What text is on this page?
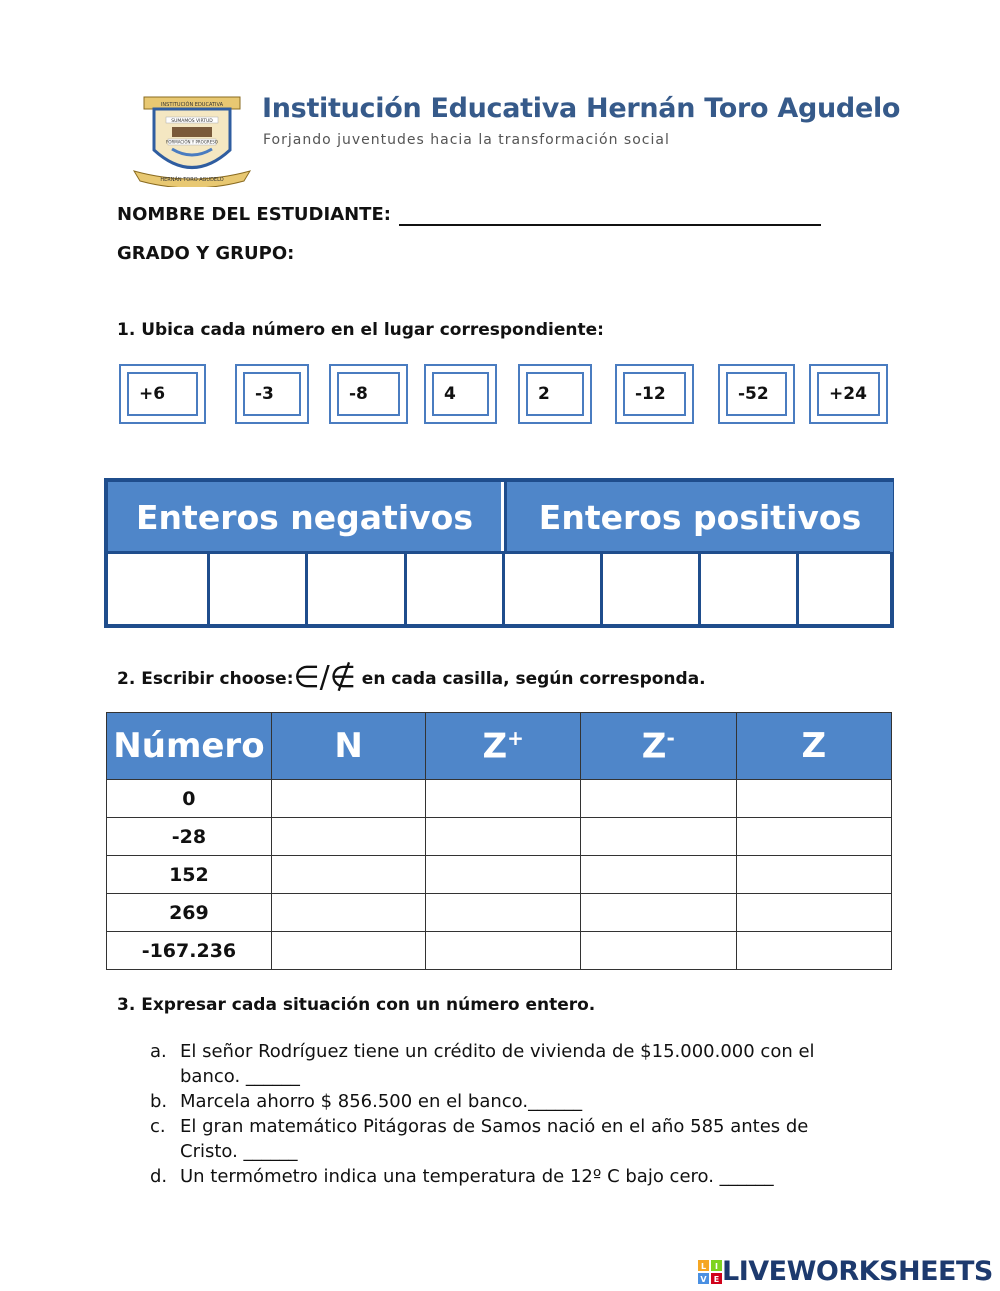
INSTITUCIÓN EDUCATIVA
SUMAMOS VIRTUD
FORMACIÓN Y PROGRESO
HERNÁN TORO AGUDELO
Institución Educativa Hernán Toro Agudelo
Forjando juventudes hacia la transformación social
NOMBRE DEL ESTUDIANTE:
GRADO Y GRUPO:
1. Ubica cada número en el lugar correspondiente:
+6	-3	-8	4	2	-12	-52	+24
Enteros negativos	Enteros positivos
2. Escribir choose:∈/∉ en cada casilla, según corresponda.
Número	N	Z+	Z-	Z
0				
-28				
152				
269				
-167.236				
3. Expresar cada situación con un número entero.
a. El señor Rodríguez tiene un crédito de vivienda de $15.000.000 con el
banco. ______
b. Marcela ahorro $ 856.500 en el banco.______
c. El gran matemático Pitágoras de Samos nació en el año 585 antes de
Cristo. ______
d. Un termómetro indica una temperatura de 12º C bajo cero. ______
L I
V E LIVEWORKSHEETS
